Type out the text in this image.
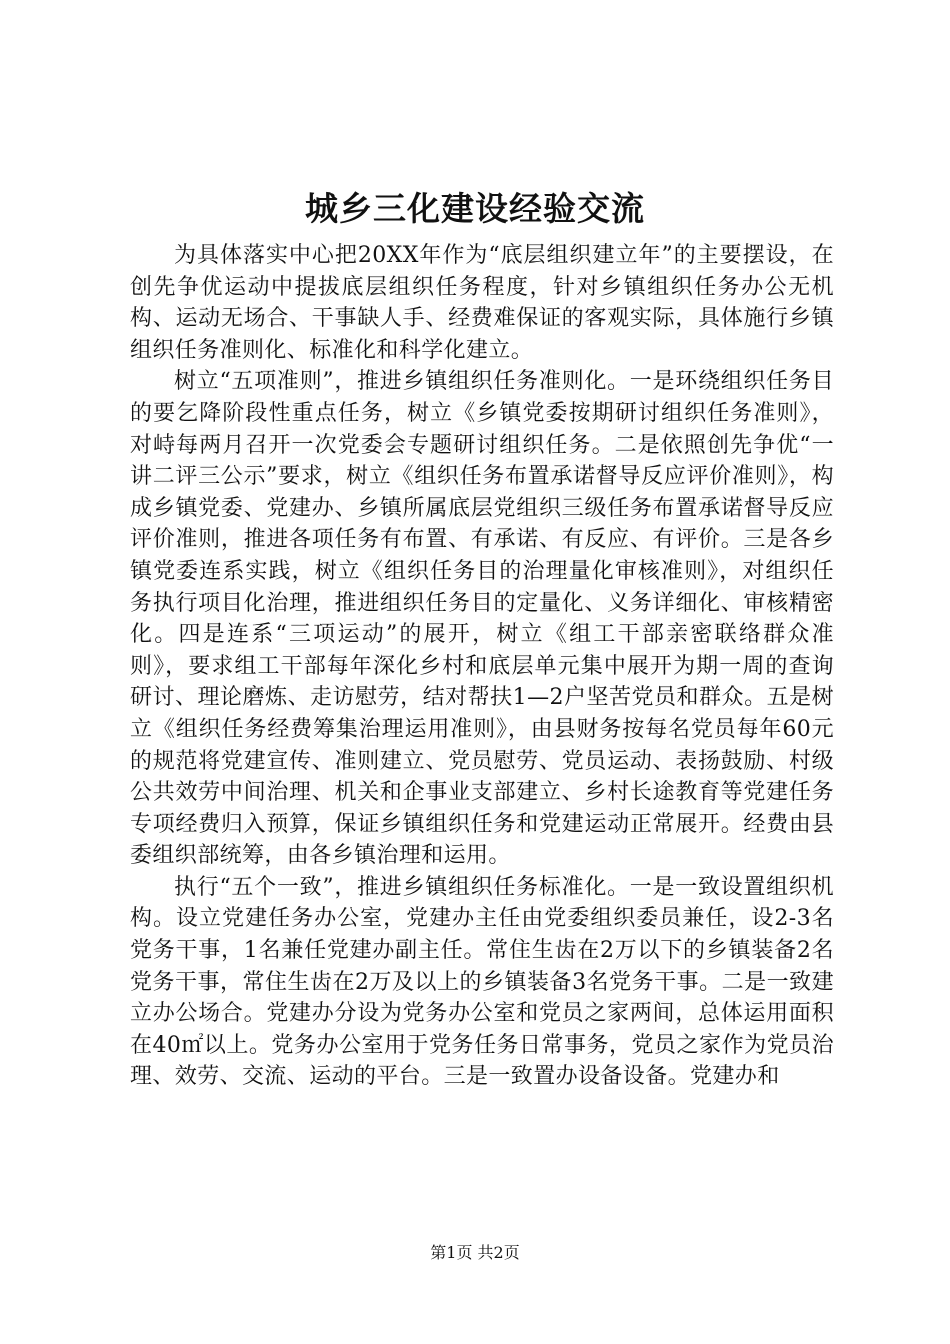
城乡三化建设经验交流

为具体落实中心把20XX年作为“底层组织建立年”的主要摆设，在创先争优运动中提拔底层组织任务程度，针对乡镇组织任务办公无机构、运动无场合、干事缺人手、经费难保证的客观实际，具体施行乡镇组织任务准则化、标准化和科学化建立。

树立“五项准则”，推进乡镇组织任务准则化。一是环绕组织任务目的要乞降阶段性重点任务，树立《乡镇党委按期研讨组织任务准则》，对峙每两月召开一次党委会专题研讨组织任务。二是依照创先争优“一讲二评三公示”要求，树立《组织任务布置承诺督导反应评价准则》，构成乡镇党委、党建办、乡镇所属底层党组织三级任务布置承诺督导反应评价准则，推进各项任务有布置、有承诺、有反应、有评价。三是各乡镇党委连系实践，树立《组织任务目的治理量化审核准则》，对组织任务执行项目化治理，推进组织任务目的定量化、义务详细化、审核精密化。四是连系“三项运动”的展开，树立《组工干部亲密联络群众准则》，要求组工干部每年深化乡村和底层单元集中展开为期一周的查询研讨、理论磨炼、走访慰劳，结对帮扶1—2户坚苦党员和群众。五是树立《组织任务经费筹集治理运用准则》，由县财务按每名党员每年60元的规范将党建宣传、准则建立、党员慰劳、党员运动、表扬鼓励、村级公共效劳中间治理、机关和企事业支部建立、乡村长途教育等党建任务专项经费归入预算，保证乡镇组织任务和党建运动正常展开。经费由县委组织部统筹，由各乡镇治理和运用。

执行“五个一致”，推进乡镇组织任务标准化。一是一致设置组织机构。设立党建任务办公室，党建办主任由党委组织委员兼任，设2-3名党务干事，1名兼任党建办副主任。常住生齿在2万以下的乡镇装备2名党务干事，常住生齿在2万及以上的乡镇装备3名党务干事。二是一致建立办公场合。党建办分设为党务办公室和党员之家两间，总体运用面积在40㎡以上。党务办公室用于党务任务日常事务，党员之家作为党员治理、效劳、交流、运动的平台。三是一致置办设备设备。党建办和

第1页 共2页
